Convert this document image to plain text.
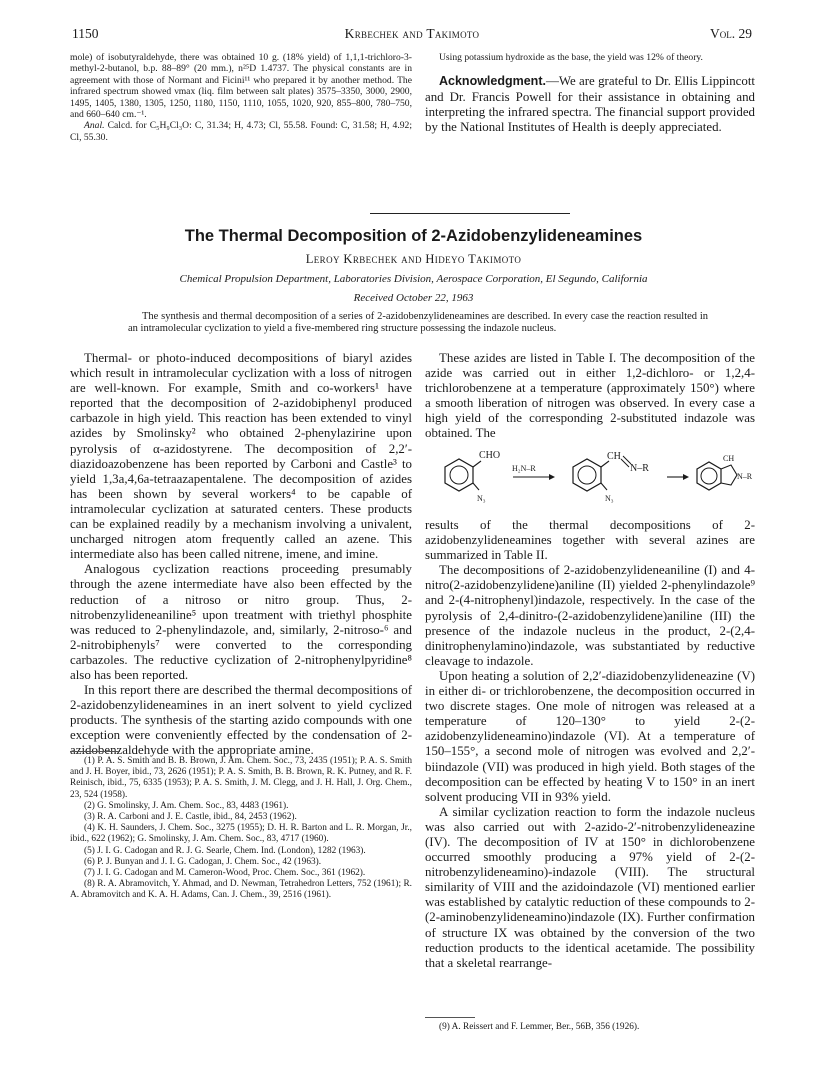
1150	Krbechek and Takimoto	Vol. 29

mole) of isobutyraldehyde, there was obtained 10 g. (18% yield) of 1,1,1-trichloro-3-methyl-2-butanol, b.p. 88–89° (20 mm.), n²⁵D 1.4737. The physical constants are in agreement with those of Normant and Ficini¹¹ who prepared it by another method. The infrared spectrum showed νmax (liq. film between salt plates) 3575–3350, 3000, 2900, 1495, 1405, 1380, 1305, 1250, 1180, 1150, 1110, 1055, 1020, 920, 855–800, 780–750, and 660–640 cm.⁻¹.

Anal. Calcd. for C₅H₉Cl₃O: C, 31.34; H, 4.73; Cl, 55.58. Found: C, 31.58; H, 4.92; Cl, 55.30.

Using potassium hydroxide as the base, the yield was 12% of theory.

Acknowledgment.—We are grateful to Dr. Ellis Lippincott and Dr. Francis Powell for their assistance in obtaining and interpreting the infrared spectra. The financial support provided by the National Institutes of Health is deeply appreciated.

The Thermal Decomposition of 2-Azidobenzylideneamines
Leroy Krbechek and Hideyo Takimoto
Chemical Propulsion Department, Laboratories Division, Aerospace Corporation, El Segundo, California
Received October 22, 1963

The synthesis and thermal decomposition of a series of 2-azidobenzylideneamines are described. In every case the reaction resulted in an intramolecular cyclization to yield a five-membered ring structure possessing the indazole nucleus.

Thermal- or photo-induced decompositions of biaryl azides which result in intramolecular cyclization with a loss of nitrogen are well-known. For example, Smith and co-workers¹ have reported that the decomposition of 2-azidobiphenyl produced carbazole in high yield. This reaction has been extended to vinyl azides by Smolinsky² who obtained 2-phenylazirine upon pyrolysis of α-azidostyrene. The decomposition of 2,2′-diazidoazobenzene has been reported by Carboni and Castle³ to yield 1,3a,4,6a-tetraazapentalene. The decomposition of azides has been shown by several workers⁴ to be capable of intramolecular cyclization at saturated centers. These products can be explained readily by a mechanism involving a univalent, uncharged nitrogen atom frequently called an azene. This intermediate also has been called nitrene, imene, and imine.

Analogous cyclization reactions proceeding presumably through the azene intermediate have also been effected by the reduction of a nitroso or nitro group. Thus, 2-nitrobenzylideneaniline⁵ upon treatment with triethyl phosphite was reduced to 2-phenylindazole, and, similarly, 2-nitroso-⁶ and 2-nitrobiphenyls⁷ were converted to the corresponding carbazoles. The reductive cyclization of 2-nitrophenylpyridine⁸ also has been reported.

In this report there are described the thermal decompositions of 2-azidobenzylideneamines in an inert solvent to yield cyclized products. The synthesis of the starting azido compounds with one exception were conveniently effected by the condensation of 2-azidobenzaldehyde with the appropriate amine.

(1) P. A. S. Smith and B. B. Brown, J. Am. Chem. Soc., 73, 2435 (1951); P. A. S. Smith and J. H. Boyer, ibid., 73, 2626 (1951); P. A. S. Smith, B. B. Brown, R. K. Putney, and R. F. Reinisch, ibid., 75, 6335 (1953); P. A. S. Smith, J. M. Clegg, and J. H. Hall, J. Org. Chem., 23, 524 (1958).

(2) G. Smolinsky, J. Am. Chem. Soc., 83, 4483 (1961).

(3) R. A. Carboni and J. E. Castle, ibid., 84, 2453 (1962).

(4) K. H. Saunders, J. Chem. Soc., 3275 (1955); D. H. R. Barton and L. R. Morgan, Jr., ibid., 622 (1962); G. Smolinsky, J. Am. Chem. Soc., 83, 4717 (1960).

(5) J. I. G. Cadogan and R. J. G. Searle, Chem. Ind. (London), 1282 (1963).

(6) P. J. Bunyan and J. I. G. Cadogan, J. Chem. Soc., 42 (1963).

(7) J. I. G. Cadogan and M. Cameron-Wood, Proc. Chem. Soc., 361 (1962).

(8) R. A. Abramovitch, Y. Ahmad, and D. Newman, Tetrahedron Letters, 752 (1961); R. A. Abramovitch and K. A. H. Adams, Can. J. Chem., 39, 2516 (1961).

These azides are listed in Table I. The decomposition of the azide was carried out in either 1,2-dichloro- or 1,2,4-trichlorobenzene at a temperature (approximately 150°) where a smooth liberation of nitrogen was observed. In every case a high yield of the corresponding 2-substituted indazole was obtained. The

CHO
N₃
H₂N–R
CH
N–R
N₃
CH
N–R

results of the thermal decompositions of 2-azidobenzylideneamines together with several azines are summarized in Table II.

The decompositions of 2-azidobenzylideneaniline (I) and 4-nitro(2-azidobenzylidene)aniline (II) yielded 2-phenylindazole⁹ and 2-(4-nitrophenyl)indazole, respectively. In the case of the pyrolysis of 2,4-dinitro-(2-azidobenzylidene)aniline (III) the presence of the indazole nucleus in the product, 2-(2,4-dinitrophenylamino)indazole, was substantiated by reductive cleavage to indazole.

Upon heating a solution of 2,2′-diazidobenzylideneazine (V) in either di- or trichlorobenzene, the decomposition occurred in two discrete stages. One mole of nitrogen was released at a temperature of 120–130° to yield 2-(2-azidobenzylideneamino)indazole (VI). At a temperature of 150–155°, a second mole of nitrogen was evolved and 2,2′-biindazole (VII) was produced in high yield. Both stages of the decomposition can be effected by heating V to 150° in an inert solvent producing VII in 93% yield.

A similar cyclization reaction to form the indazole nucleus was also carried out with 2-azido-2′-nitrobenzylideneazine (IV). The decomposition of IV at 150° in dichlorobenzene occurred smoothly producing a 97% yield of 2-(2-nitrobenzylideneamino)-indazole (VIII). The structural similarity of VIII and the azidoindazole (VI) mentioned earlier was established by catalytic reduction of these compounds to 2-(2-aminobenzylideneamino)indazole (IX). Further confirmation of structure IX was obtained by the conversion of the two reduction products to the identical acetamide. The possibility that a skeletal rearrange-

(9) A. Reissert and F. Lemmer, Ber., 56B, 356 (1926).
